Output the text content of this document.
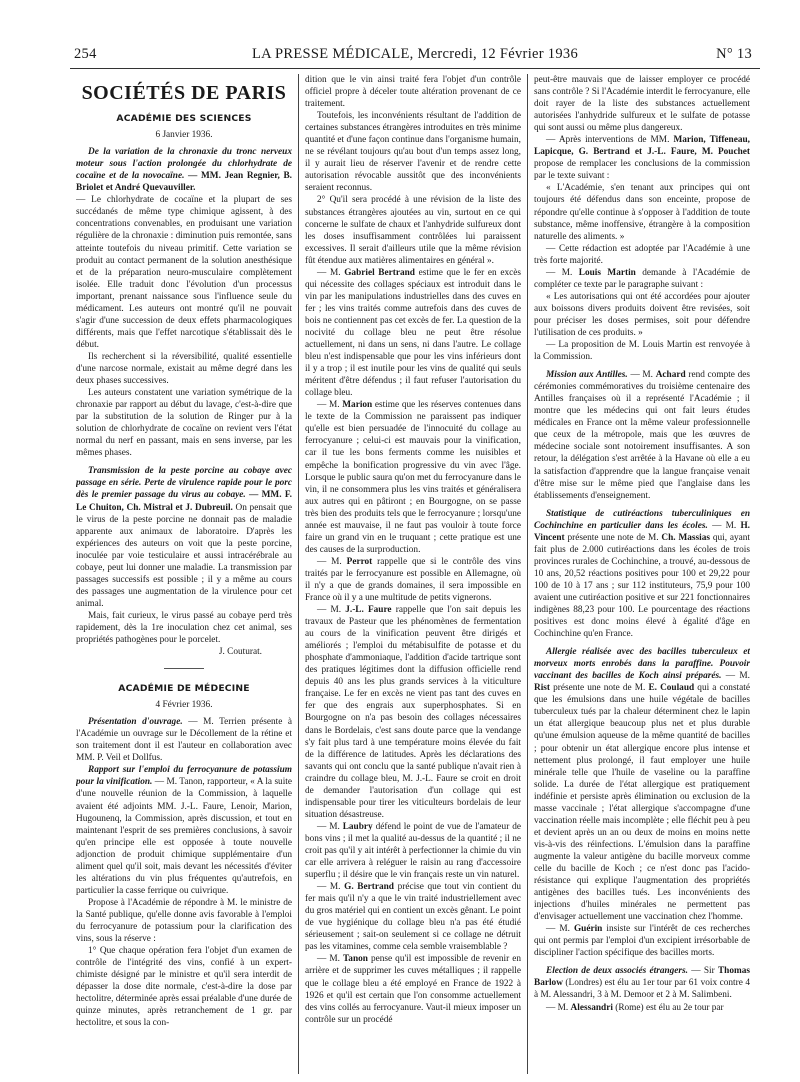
254	LA PRESSE MÉDICALE, Mercredi, 12 Février 1936	N° 13
SOCIÉTÉS DE PARIS
ACADÉMIE DES SCIENCES

6 Janvier 1936.

De la variation de la chronaxie du tronc nerveux moteur sous l'action prolongée du chlorhydrate de cocaïne et de la novocaïne. — MM. Jean Regnier, B. Briolet et André Quevauviller.

— Le chlorhydrate de cocaïne et la plupart de ses succédanés de même type chimique agissent, à des concentrations convenables, en produisant une variation régulière de la chronaxie : diminution puis remontée, sans atteinte toutefois du niveau primitif. Cette variation se produit au contact permanent de la solution anesthésique et de la préparation neuro-musculaire complètement isolée. Elle traduit donc l'évolution d'un processus important, prenant naissance sous l'influence seule du médicament. Les auteurs ont montré qu'il ne pouvait s'agir d'une succession de deux effets pharmacologiques différents, mais que l'effet narcotique s'établissait dès le début.

Ils recherchent si la réversibilité, qualité essentielle d'une narcose normale, existait au même degré dans les deux phases successives.

Les auteurs constatent une variation symétrique de la chronaxie par rapport au début du lavage, c'est-à-dire que par la substitution de la solution de Ringer pur à la solution de chlorhydrate de cocaïne on revient vers l'état normal du nerf en passant, mais en sens inverse, par les mêmes phases.

Transmission de la peste porcine au cobaye avec passage en série. Perte de virulence rapide pour le porc dès le premier passage du virus au cobaye. — MM. F. Le Chuiton, Ch. Mistral et J. Dubreuil. On pensait que le virus de la peste porcine ne donnait pas de maladie apparente aux animaux de laboratoire. D'après les expériences des auteurs on voit que la peste porcine, inoculée par voie testiculaire et aussi intracérébrale au cobaye, peut lui donner une maladie. La transmission par passages successifs est possible ; il y a même au cours des passages une augmentation de la virulence pour cet animal.

Mais, fait curieux, le virus passé au cobaye perd très rapidement, dès la 1re inoculation chez cet animal, ses propriétés pathogènes pour le porcelet.

J. Couturat.

ACADÉMIE DE MÉDECINE

4 Février 1936.

Présentation d'ouvrage. — M. Terrien présente à l'Académie un ouvrage sur le Décollement de la rétine et son traitement dont il est l'auteur en collaboration avec MM. P. Veil et Dollfus.

Rapport sur l'emploi du ferrocyanure de potassium pour la vinification. — M. Tanon, rapporteur, « A la suite d'une nouvelle réunion de la Commission, à laquelle avaient été adjoints MM. J.-L. Faure, Lenoir, Marion, Hugounenq, la Commission, après discussion, et tout en maintenant l'esprit de ses premières conclusions, à savoir qu'en principe elle est opposée à toute nouvelle adjonction de produit chimique supplémentaire d'un aliment quel qu'il soit, mais devant les nécessités d'éviter les altérations du vin plus fréquentes qu'autrefois, en particulier la casse ferrique ou cuivrique.

Propose à l'Académie de répondre à M. le ministre de la Santé publique, qu'elle donne avis favorable à l'emploi du ferrocyanure de potassium pour la clarification des vins, sous la réserve :

1° Que chaque opération fera l'objet d'un examen de contrôle de l'intégrité des vins, confié à un expert-chimiste désigné par le ministre et qu'il sera interdit de dépasser la dose dite normale, c'est-à-dire la dose par hectolitre, déterminée après essai préalable d'une durée de quinze minutes, après retranchement de 1 gr. par hectolitre, et sous la con-

dition que le vin ainsi traité fera l'objet d'un contrôle officiel propre à déceler toute altération provenant de ce traitement.

Toutefois, les inconvénients résultant de l'addition de certaines substances étrangères introduites en très minime quantité et d'une façon continue dans l'organisme humain, ne se révélant toujours qu'au bout d'un temps assez long, il y aurait lieu de réserver l'avenir et de rendre cette autorisation révocable aussitôt que des inconvénients seraient reconnus.

2° Qu'il sera procédé à une révision de la liste des substances étrangères ajoutées au vin, surtout en ce qui concerne le sulfate de chaux et l'anhydride sulfureux dont les doses insuffisamment contrôlées lui paraissent excessives. Il serait d'ailleurs utile que la même révision fût étendue aux matières alimentaires en général ».

— M. Gabriel Bertrand estime que le fer en excès qui nécessite des collages spéciaux est introduit dans le vin par les manipulations industrielles dans des cuves en fer ; les vins traités comme autrefois dans des cuves de bois ne contiennent pas cet excès de fer. La question de la nocivité du collage bleu ne peut être résolue actuellement, ni dans un sens, ni dans l'autre. Le collage bleu n'est indispensable que pour les vins inférieurs dont il y a trop ; il est inutile pour les vins de qualité qui seuls méritent d'être défendus ; il faut refuser l'autorisation du collage bleu.

— M. Marion estime que les réserves contenues dans le texte de la Commission ne paraissent pas indiquer qu'elle est bien persuadée de l'innocuité du collage au ferrocyanure ; celui-ci est mauvais pour la vinification, car il tue les bons ferments comme les nuisibles et empêche la bonification progressive du vin avec l'âge. Lorsque le public saura qu'on met du ferrocyanure dans le vin, il ne consommera plus les vins traités et généralisera aux autres qui en pâtiront ; en Bourgogne, on se passe très bien des produits tels que le ferrocyanure ; lorsqu'une année est mauvaise, il ne faut pas vouloir à toute force faire un grand vin en le truquant ; cette pratique est une des causes de la surproduction.

— M. Perrot rappelle que si le contrôle des vins traités par le ferrocyanure est possible en Allemagne, où il n'y a que de grands domaines, il sera impossible en France où il y a une multitude de petits vignerons.

— M. J.-L. Faure rappelle que l'on sait depuis les travaux de Pasteur que les phénomènes de fermentation au cours de la vinification peuvent être dirigés et améliorés ; l'emploi du métabisulfite de potasse et du phosphate d'ammoniaque, l'addition d'acide tartrique sont des pratiques légitimes dont la diffusion officielle rend depuis 40 ans les plus grands services à la viticulture française. Le fer en excès ne vient pas tant des cuves en fer que des engrais aux superphosphates. Si en Bourgogne on n'a pas besoin des collages nécessaires dans le Bordelais, c'est sans doute parce que la vendange s'y fait plus tard à une température moins élevée du fait de la différence de latitudes. Après les déclarations des savants qui ont conclu que la santé publique n'avait rien à craindre du collage bleu, M. J.-L. Faure se croit en droit de demander l'autorisation d'un collage qui est indispensable pour tirer les viticulteurs bordelais de leur situation désastreuse.

— M. Laubry défend le point de vue de l'amateur de bons vins ; il met la qualité au-dessus de la quantité ; il ne croit pas qu'il y ait intérêt à perfectionner la chimie du vin car elle arrivera à reléguer le raisin au rang d'accessoire superflu ; il désire que le vin français reste un vin naturel.

— M. G. Bertrand précise que tout vin contient du fer mais qu'il n'y a que le vin traité industriellement avec du gros matériel qui en contient un excès gênant. Le point de vue hygiénique du collage bleu n'a pas été étudié sérieusement ; sait-on seulement si ce collage ne détruit pas les vitamines, comme cela semble vraisemblable ?

— M. Tanon pense qu'il est impossible de revenir en arrière et de supprimer les cuves métalliques ; il rappelle que le collage bleu a été employé en France de 1922 à 1926 et qu'il est certain que l'on consomme actuellement des vins collés au ferrocyanure. Vaut-il mieux imposer un contrôle sur un procédé

peut-être mauvais que de laisser employer ce procédé sans contrôle ? Si l'Académie interdit le ferrocyanure, elle doit rayer de la liste des substances actuellement autorisées l'anhydride sulfureux et le sulfate de potasse qui sont aussi ou même plus dangereux.

— Après interventions de MM. Marion, Tiffeneau, Lapicque, G. Bertrand et J.-L. Faure, M. Pouchet propose de remplacer les conclusions de la commission par le texte suivant :

« L'Académie, s'en tenant aux principes qui ont toujours été défendus dans son enceinte, propose de répondre qu'elle continue à s'opposer à l'addition de toute substance, même inoffensive, étrangère à la composition naturelle des aliments. »

— Cette rédaction est adoptée par l'Académie à une très forte majorité.

— M. Louis Martin demande à l'Académie de compléter ce texte par le paragraphe suivant :

« Les autorisations qui ont été accordées pour ajouter aux boissons divers produits doivent être revisées, soit pour préciser les doses permises, soit pour défendre l'utilisation de ces produits. »

— La proposition de M. Louis Martin est renvoyée à la Commission.

Mission aux Antilles. — M. Achard rend compte des cérémonies commémoratives du troisième centenaire des Antilles françaises où il a représenté l'Académie ; il montre que les médecins qui ont fait leurs études médicales en France ont la même valeur professionnelle que ceux de la métropole, mais que les œuvres de médecine sociale sont notoirement insuffisantes. A son retour, la délégation s'est arrêtée à la Havane où elle a eu la satisfaction d'apprendre que la langue française venait d'être mise sur le même pied que l'anglaise dans les établissements d'enseignement.

Statistique de cutiréactions tuberculiniques en Cochinchine en particulier dans les écoles. — M. H. Vincent présente une note de M. Ch. Massias qui, ayant fait plus de 2.000 cutiréactions dans les écoles de trois provinces rurales de Cochinchine, a trouvé, au-dessous de 10 ans, 20,52 réactions positives pour 100 et 29,22 pour 100 de 10 à 17 ans ; sur 112 instituteurs, 75,9 pour 100 avaient une cutiréaction positive et sur 221 fonctionnaires indigènes 88,23 pour 100. Le pourcentage des réactions positives est donc moins élevé à égalité d'âge en Cochinchine qu'en France.

Allergie réalisée avec des bacilles tuberculeux et morveux morts enrobés dans la paraffine. Pouvoir vaccinant des bacilles de Koch ainsi préparés. — M. Rist présente une note de M. E. Coulaud qui a constaté que les émulsions dans une huile végétale de bacilles tuberculeux tués par la chaleur déterminent chez le lapin un état allergique beaucoup plus net et plus durable qu'une émulsion aqueuse de la même quantité de bacilles ; pour obtenir un état allergique encore plus intense et nettement plus prolongé, il faut employer une huile minérale telle que l'huile de vaseline ou la paraffine solide. La durée de l'état allergique est pratiquement indéfinie et persiste après élimination ou exclusion de la masse vaccinale ; l'état allergique s'accompagne d'une vaccination réelle mais incomplète ; elle fléchit peu à peu et devient après un an ou deux de moins en moins nette vis-à-vis des réinfections. L'émulsion dans la paraffine augmente la valeur antigène du bacille morveux comme celle du bacille de Koch ; ce n'est donc pas l'acido-résistance qui explique l'augmentation des propriétés antigènes des bacilles tués. Les inconvénients des injections d'huiles minérales ne permettent pas d'envisager actuellement une vaccination chez l'homme.

— M. Guérin insiste sur l'intérêt de ces recherches qui ont permis par l'emploi d'un excipient irrésorbable de discipliner l'action spécifique des bacilles morts.

Election de deux associés étrangers. — Sir Thomas Barlow (Londres) est élu au 1er tour par 61 voix contre 4 à M. Alessandri, 3 à M. Demoor et 2 à M. Salimbeni.

— M. Alessandri (Rome) est élu au 2e tour par
